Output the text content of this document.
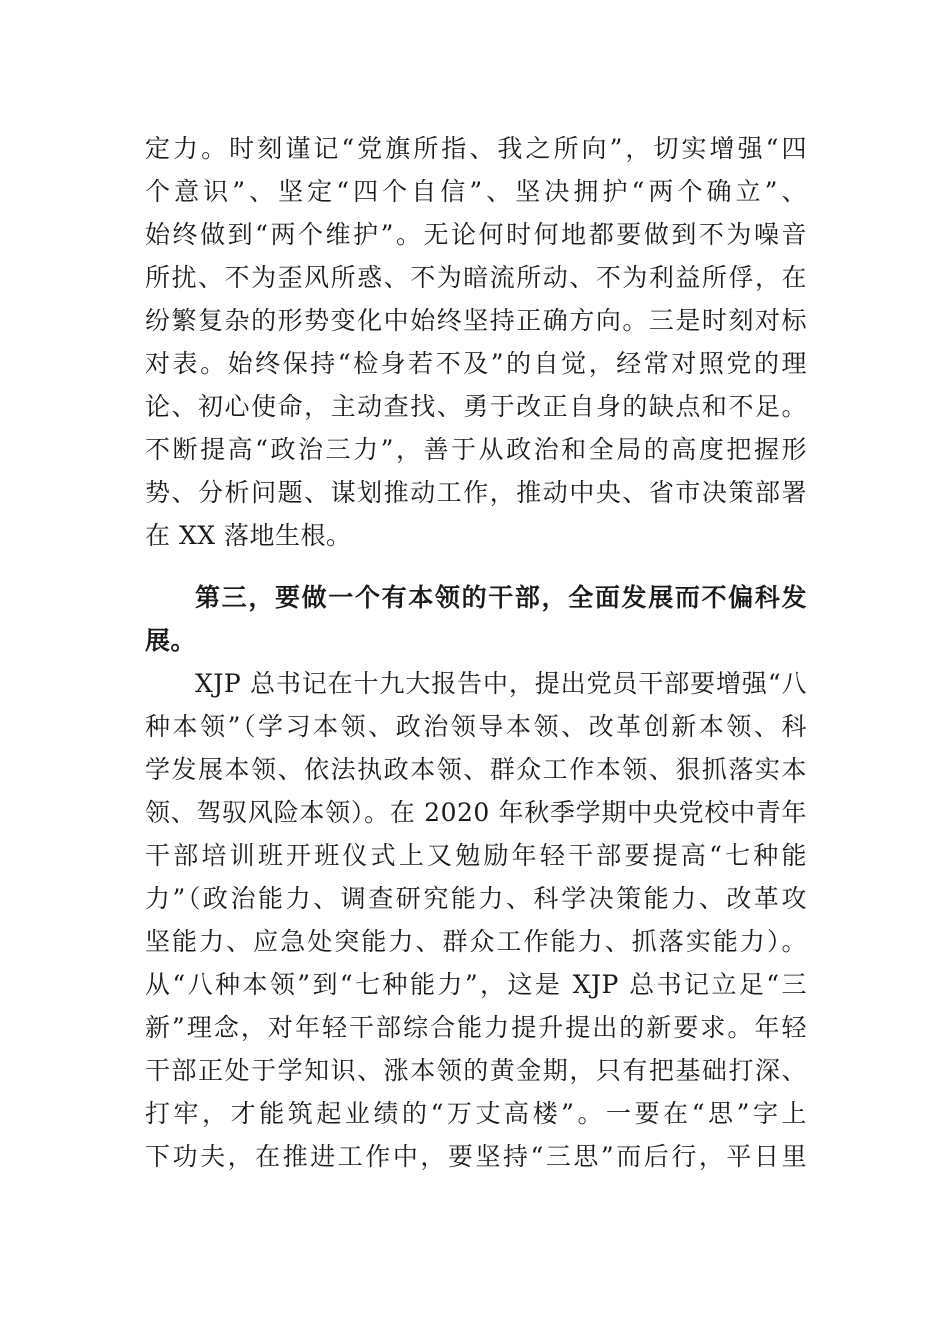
定力。时刻谨记“党旗所指、我之所向”，切实增强“四
个意识”、坚定“四个自信”、坚决拥护“两个确立”、
始终做到“两个维护”。无论何时何地都要做到不为噪音
所扰、不为歪风所惑、不为暗流所动、不为利益所俘，在
纷繁复杂的形势变化中始终坚持正确方向。三是时刻对标
对表。始终保持“检身若不及”的自觉，经常对照党的理
论、初心使命，主动查找、勇于改正自身的缺点和不足。
不断提高“政治三力”，善于从政治和全局的高度把握形
势、分析问题、谋划推动工作，推动中央、省市决策部署
在 XX 落地生根。
第三，要做一个有本领的干部，全面发展而不偏科发
展。
XJP 总书记在十九大报告中，提出党员干部要增强“八
种本领”（学习本领、政治领导本领、改革创新本领、科
学发展本领、依法执政本领、群众工作本领、狠抓落实本
领、驾驭风险本领）。在 2020 年秋季学期中央党校中青年
干部培训班开班仪式上又勉励年轻干部要提高“七种能
力”（政治能力、调查研究能力、科学决策能力、改革攻
坚能力、应急处突能力、群众工作能力、抓落实能力）。
从“八种本领”到“七种能力”，这是 XJP 总书记立足“三
新”理念，对年轻干部综合能力提升提出的新要求。年轻
干部正处于学知识、涨本领的黄金期，只有把基础打深、
打牢，才能筑起业绩的“万丈高楼”。一要在“思”字上
下功夫，在推进工作中，要坚持“三思”而后行，平日里
